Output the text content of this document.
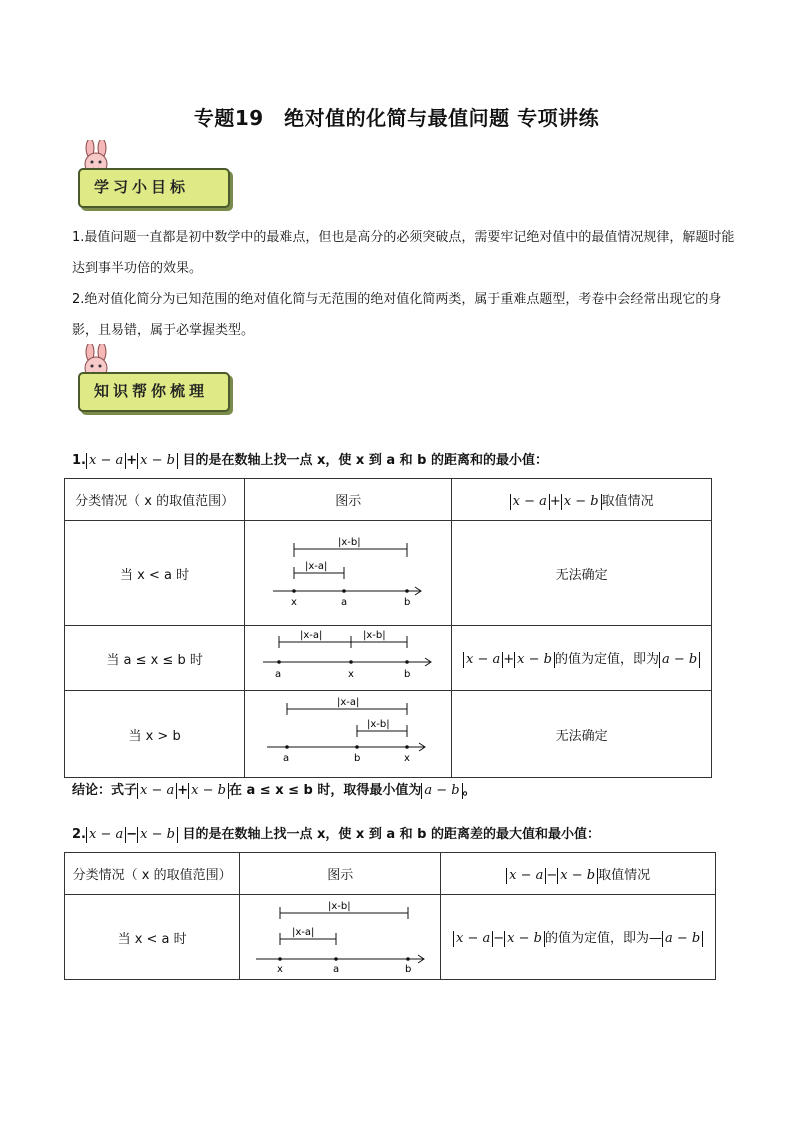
专题19　绝对值的化简与最值问题 专项讲练
学习小目标
1.最值问题一直都是初中数学中的最难点，但也是高分的必须突破点，需要牢记绝对值中的最值情况规律，解题时能达到事半功倍的效果。
2.绝对值化简分为已知范围的绝对值化简与无范围的绝对值化简两类，属于重难点题型，考卷中会经常出现它的身影，且易错，属于必掌握类型。
知识帮你梳理
1. x − a + x − b 目的是在数轴上找一点 x，使 x 到 a 和 b 的距离和的最小值：
分类情况（ x 的取值范围）	图示	x − a + x − b 取值情况
当 x < a 时	x a b
|x-b|
|x-a|	无法确定
当 a ≤ x ≤ b 时	a x b
|x-a| |x-b|	x − a + x − b 的值为定值，即为 a − b
当 x > b	a b x
|x-a|
|x-b|	无法确定
结论：式子 x − a + x − b 在 a ≤ x ≤ b 时，取得最小值为 a − b 。
2. x − a − x − b 目的是在数轴上找一点 x，使 x 到 a 和 b 的距离差的最大值和最小值：
分类情况（ x 的取值范围）	图示	x − a − x − b 取值情况
当 x < a 时	x a b
|x-b|
|x-a|	x − a − x − b 的值为定值，即为— a − b
